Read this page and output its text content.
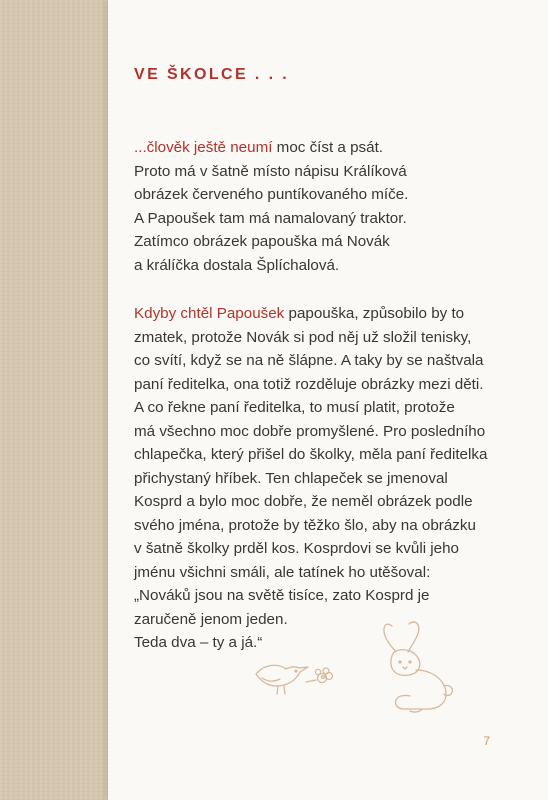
VE ŠKOLCE . . .
...člověk ještě neumí moc číst a psát.
Proto má v šatně místo nápisu Králíková
obrázek červeného puntíkovaného míče.
A Papoušek tam má namalovaný traktor.
Zatímco obrázek papouška má Novák
a králíčka dostala Šplíchalová.
Kdyby chtěl Papoušek papouška, způsobilo by to
zmatek, protože Novák si pod něj už složil tenisky,
co svítí, když se na ně šlápne. A taky by se naštvala
paní ředitelka, ona totiž rozděluje obrázky mezi děti.
A co řekne paní ředitelka, to musí platit, protože
má všechno moc dobře promyšlené. Pro posledního
chlapečka, který přišel do školky, měla paní ředitelka
přichystaný hříbek. Ten chlapeček se jmenoval
Kosprd a bylo moc dobře, že neměl obrázek podle
svého jména, protože by těžko šlo, aby na obrázku
v šatně školky prděl kos. Kosprdovi se kvůli jeho
jménu všichni smáli, ale tatínek ho utěšoval:
„Nováků jsou na světě tisíce, zato Kosprd je
zaručeně jenom jeden.
Teda dva – ty a já.“
7
